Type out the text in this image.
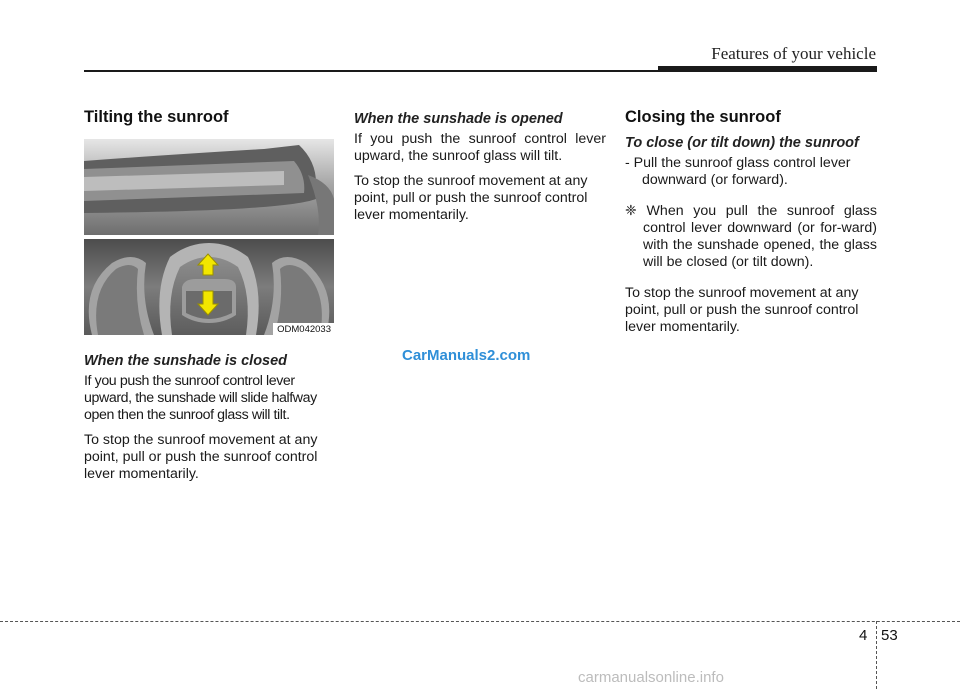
Features of your vehicle
Tilting the sunroof
ODM042033
When the sunshade is closed

If you push the sunroof control lever upward, the sunshade will slide halfway open then the sunroof glass will tilt.

To stop the sunroof movement at any point, pull or push the sunroof control lever momentarily.

When the sunshade is opened

If you push the sunroof control lever upward, the sunroof glass will tilt.

To stop the sunroof movement at any point, pull or push the sunroof control lever momentarily.

Closing the sunroof
To close (or tilt down) the sunroof

- Pull the sunroof glass control lever downward (or forward).

❈ When you pull the sunroof glass control lever downward (or for-ward) with the sunshade opened, the glass will be closed (or tilt down).

To stop the sunroof movement at any point, pull or push the sunroof control lever momentarily.

CarManuals2.com
4 53
carmanualsonline.info
